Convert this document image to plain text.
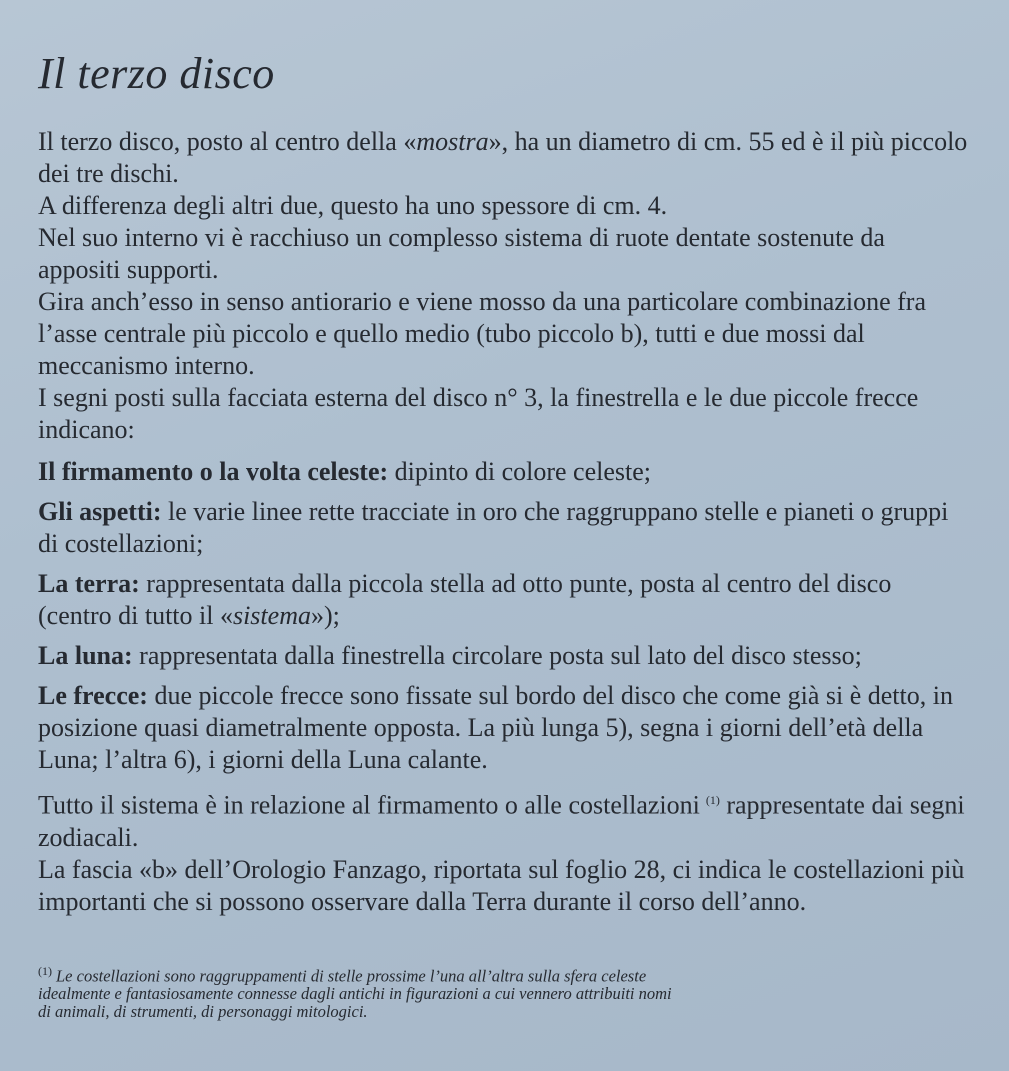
Il terzo disco

Il terzo disco, posto al centro della «mostra», ha un diametro di cm. 55 ed è il più piccolo dei tre dischi.

A differenza degli altri due, questo ha uno spessore di cm. 4.

Nel suo interno vi è racchiuso un complesso sistema di ruote dentate sostenute da appositi supporti.

Gira anch’esso in senso antiorario e viene mosso da una particolare combinazione fra l’asse centrale più piccolo e quello medio (tubo piccolo b), tutti e due mossi dal meccanismo interno.

I segni posti sulla facciata esterna del disco n° 3, la finestrella e le due piccole frecce indicano:

Il firmamento o la volta celeste: dipinto di colore celeste;

Gli aspetti: le varie linee rette tracciate in oro che raggruppano stelle e pianeti o gruppi di costellazioni;

La terra: rappresentata dalla piccola stella ad otto punte, posta al centro del disco (centro di tutto il «sistema»);

La luna: rappresentata dalla finestrella circolare posta sul lato del disco stesso;

Le frecce: due piccole frecce sono fissate sul bordo del disco che come già si è detto, in posizione quasi diametralmente opposta. La più lunga 5), segna i giorni dell’età della Luna; l’altra 6), i giorni della Luna calante.

Tutto il sistema è in relazione al firmamento o alle costellazioni $^{(1)}$ rappresentate dai segni zodiacali.

La fascia «b» dell’Orologio Fanzago, riportata sul foglio 28, ci indica le costellazioni più importanti che si possono osservare dalla Terra durante il corso dell’anno.

$^{(1)}$ Le costellazioni sono raggruppamenti di stelle prossime l’una all’altra sulla sfera celeste idealmente e fantasiosamente connesse dagli antichi in figurazioni a cui vennero attribuiti nomi di animali, di strumenti, di personaggi mitologici.
